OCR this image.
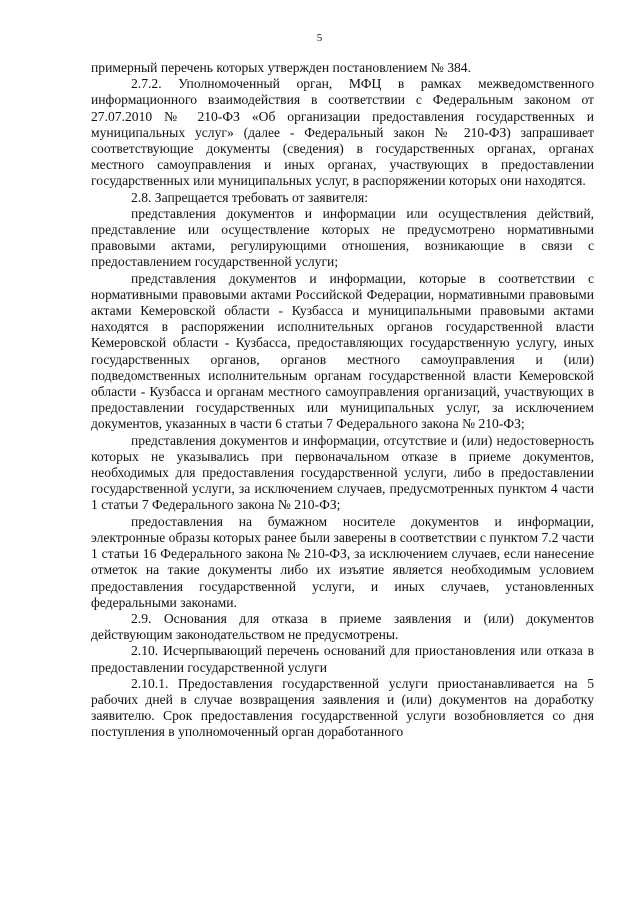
5

примерный перечень которых утвержден постановлением № 384.

2.7.2. Уполномоченный орган, МФЦ в рамках межведомственного информационного взаимодействия в соответствии с Федеральным законом от 27.07.2010 № 210-ФЗ «Об организации предоставления государственных и муниципальных услуг» (далее - Федеральный закон № 210-ФЗ) запрашивает соответствующие документы (сведения) в государственных органах, органах местного самоуправления и иных органах, участвующих в предоставлении государственных или муниципальных услуг, в распоряжении которых они находятся.

2.8. Запрещается требовать от заявителя:

представления документов и информации или осуществления действий, представление или осуществление которых не предусмотрено нормативными правовыми актами, регулирующими отношения, возникающие в связи с предоставлением государственной услуги;

представления документов и информации, которые в соответствии с нормативными правовыми актами Российской Федерации, нормативными правовыми актами Кемеровской области - Кузбасса и муниципальными правовыми актами находятся в распоряжении исполнительных органов государственной власти Кемеровской области - Кузбасса, предоставляющих государственную услугу, иных государственных органов, органов местного самоуправления и (или) подведомственных исполнительным органам государственной власти Кемеровской области - Кузбасса и органам местного самоуправления организаций, участвующих в предоставлении государственных или муниципальных услуг, за исключением документов, указанных в части 6 статьи 7 Федерального закона № 210-ФЗ;

представления документов и информации, отсутствие и (или) недостоверность которых не указывались при первоначальном отказе в приеме документов, необходимых для предоставления государственной услуги, либо в предоставлении государственной услуги, за исключением случаев, предусмотренных пунктом 4 части 1 статьи 7 Федерального закона № 210-ФЗ;

предоставления на бумажном носителе документов и информации, электронные образы которых ранее были заверены в соответствии с пунктом 7.2 части 1 статьи 16 Федерального закона № 210-ФЗ, за исключением случаев, если нанесение отметок на такие документы либо их изъятие является необходимым условием предоставления государственной услуги, и иных случаев, установленных федеральными законами.

2.9. Основания для отказа в приеме заявления и (или) документов действующим законодательством не предусмотрены.

2.10. Исчерпывающий перечень оснований для приостановления или отказа в предоставлении государственной услуги

2.10.1. Предоставления государственной услуги приостанавливается на 5 рабочих дней в случае возвращения заявления и (или) документов на доработку заявителю. Срок предоставления государственной услуги возобновляется со дня поступления в уполномоченный орган доработанного
